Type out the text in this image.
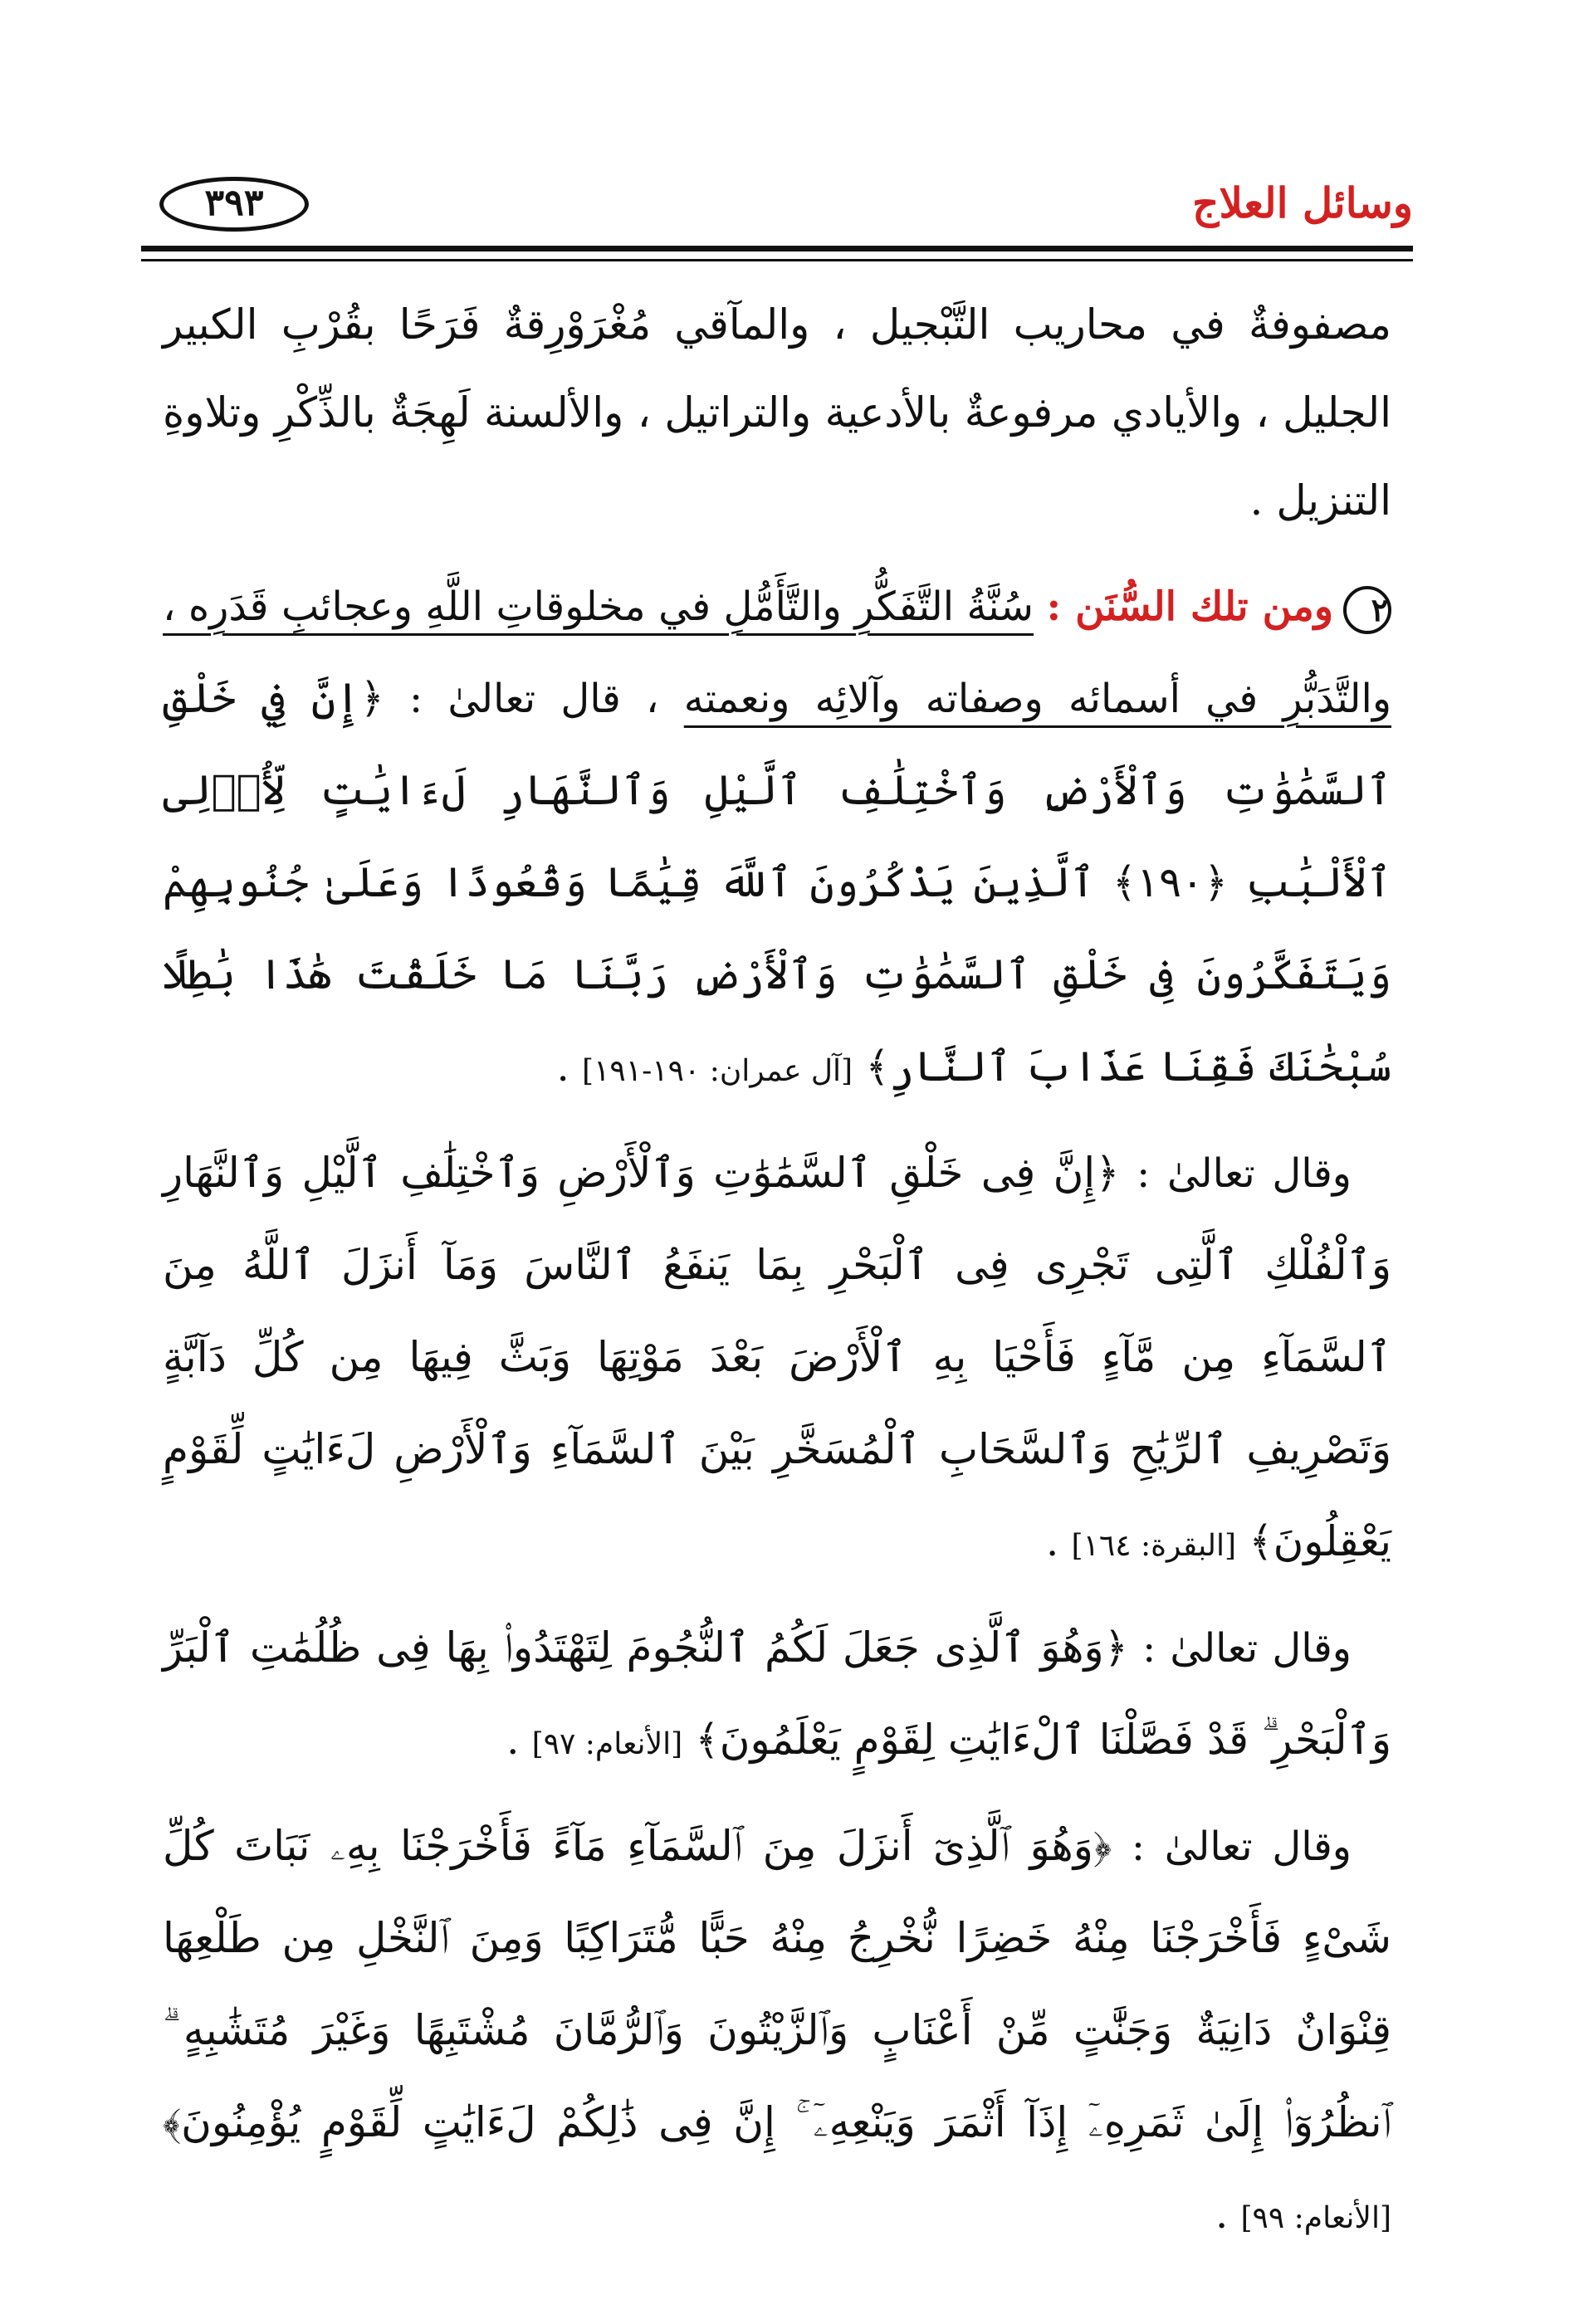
وسائل العلاج
٣٩٣

مصفوفةٌ في محاريب التَّبْجيل ، والمآقي مُغْرَوْرِقةٌ فَرَحًا بقُرْبِ الكبير الجليل ، والأيادي مرفوعةٌ بالأدعية والتراتيل ، والألسنة لَهِجَةٌ بالذِّكْرِ وتلاوةِ التنزيل .

٢ومن تلك السُّنَن : سُنَّةُ التَّفَكُّرِ والتَّأَمُّلِ في مخلوقاتِ اللَّهِ وعجائبِ قَدَرِه ، والتَّدَبُّرِ في أسمائه وصفاته وآلائِه ونعمته ، قال تعالىٰ : ﴿إِنَّ فِي خَلْقِ ٱلسَّمَٰوَٰتِ وَٱلْأَرْضِ وَٱخْتِلَٰفِ ٱلَّيْلِ وَٱلنَّهَارِ لَءَايَٰتٍ لِّأُو۟لِى ٱلْأَلْبَٰبِ ﴿١٩٠﴾ ٱلَّذِينَ يَذْكُرُونَ ٱللَّهَ قِيَٰمًا وَقُعُودًا وَعَلَىٰ جُنُوبِهِمْ وَيَتَفَكَّرُونَ فِى خَلْقِ ٱلسَّمَٰوَٰتِ وَٱلْأَرْضِ رَبَّنَا مَا خَلَقْتَ هَٰذَا بَٰطِلًا سُبْحَٰنَكَ فَقِنَا عَذَابَ ٱلنَّارِ﴾ [آل عمران: ١٩٠-١٩١] .

 وقال تعالىٰ : ﴿إِنَّ فِى خَلْقِ ٱلسَّمَٰوَٰتِ وَٱلْأَرْضِ وَٱخْتِلَٰفِ ٱلَّيْلِ وَٱلنَّهَارِ وَٱلْفُلْكِ ٱلَّتِى تَجْرِى فِى ٱلْبَحْرِ بِمَا يَنفَعُ ٱلنَّاسَ وَمَآ أَنزَلَ ٱللَّهُ مِنَ ٱلسَّمَآءِ مِن مَّآءٍ فَأَحْيَا بِهِ ٱلْأَرْضَ بَعْدَ مَوْتِهَا وَبَثَّ فِيهَا مِن كُلِّ دَآبَّةٍ وَتَصْرِيفِ ٱلرِّيَٰحِ وَٱلسَّحَابِ ٱلْمُسَخَّرِ بَيْنَ ٱلسَّمَآءِ وَٱلْأَرْضِ لَءَايَٰتٍ لِّقَوْمٍ يَعْقِلُونَ﴾ [البقرة: ١٦٤] .

 وقال تعالىٰ : ﴿وَهُوَ ٱلَّذِى جَعَلَ لَكُمُ ٱلنُّجُومَ لِتَهْتَدُوا۟ بِهَا فِى ظُلُمَٰتِ ٱلْبَرِّ وَٱلْبَحْرِ ۗ قَدْ فَصَّلْنَا ٱلْءَايَٰتِ لِقَوْمٍ يَعْلَمُونَ﴾ [الأنعام: ٩٧] .

 وقال تعالىٰ : ﴿وَهُوَ ٱلَّذِىٓ أَنزَلَ مِنَ ٱلسَّمَآءِ مَآءً فَأَخْرَجْنَا بِهِۦ نَبَاتَ كُلِّ شَىْءٍ فَأَخْرَجْنَا مِنْهُ خَضِرًا نُّخْرِجُ مِنْهُ حَبًّا مُّتَرَاكِبًا وَمِنَ ٱلنَّخْلِ مِن طَلْعِهَا قِنْوَانٌ دَانِيَةٌ وَجَنَّٰتٍ مِّنْ أَعْنَابٍ وَٱلزَّيْتُونَ وَٱلرُّمَّانَ مُشْتَبِهًا وَغَيْرَ مُتَشَٰبِهٍ ۗ ٱنظُرُوٓا۟ إِلَىٰ ثَمَرِهِۦٓ إِذَآ أَثْمَرَ وَيَنْعِهِۦٓ ۚ إِنَّ فِى ذَٰلِكُمْ لَءَايَٰتٍ لِّقَوْمٍ يُؤْمِنُونَ﴾ [الأنعام: ٩٩] .
